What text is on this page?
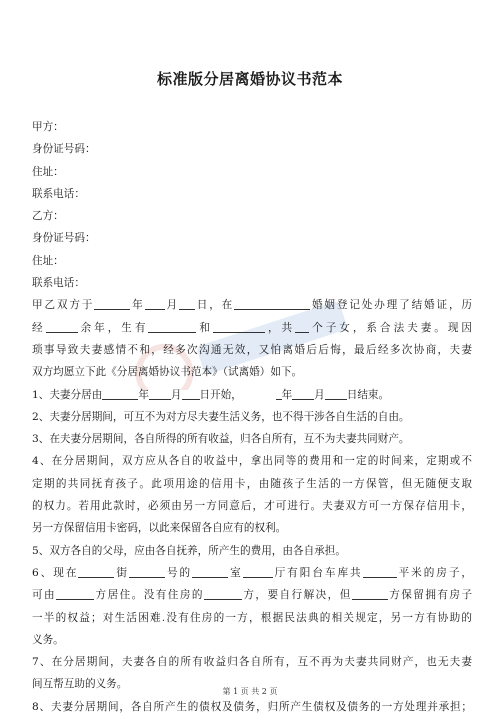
标准版分居离婚协议书范本
甲方：
身份证号码：
住址：
联系电话：
乙方：
身份证号码：
住址：
联系电话：
甲乙双方于	年 月 日，在	婚姻登记处办理了结婚证，历
经	余年，生有	和	，共 个子女，系合法夫妻。现因
琐事导致夫妻感情不和，经多次沟通无效，又怕离婚后后悔，最后经多次协商，夫妻
双方均愿立下此《分居离婚协议书范本》（试离婚）如下。
1、夫妻分居由	年 月 日开始，	年 月 日结束。
2、夫妻分居期间，可互不为对方尽夫妻生活义务，也不得干涉各自生活的自由。
3、在夫妻分居期间，各自所得的所有收益，归各自所有，互不为夫妻共同财产。
4、在分居期间，双方应从各自的收益中，拿出同等的费用和一定的时间来，定期或不
定期的共同抚育孩子。此项用途的信用卡，由随孩子生活的一方保管，但无随便支取
的权力。若用此款时，必须由另一方同意后，才可进行。夫妻双方可一方保存信用卡，
另一方保留信用卡密码，以此来保留各自应有的权利。
5、双方各自的父母，应由各自抚养，所产生的费用，由各自承担。
6、现在	街	号的	室	厅有阳台车库共	平米的房子，
可由	方居住。没有住房的	方，要自行解决，但	方保留拥有房子
一半的权益；对生活困难.没有住房的一方，根据民法典的相关规定，另一方有协助的
义务。
7、在分居期间，夫妻各自的所有收益归各自所有，互不再为夫妻共同财产，也无夫妻
间互帮互助的义务。
8、夫妻分居期间，各自所产生的债权及债务，归所产生债权及债务的一方处理并承担；
第 1 页 共 2 页
